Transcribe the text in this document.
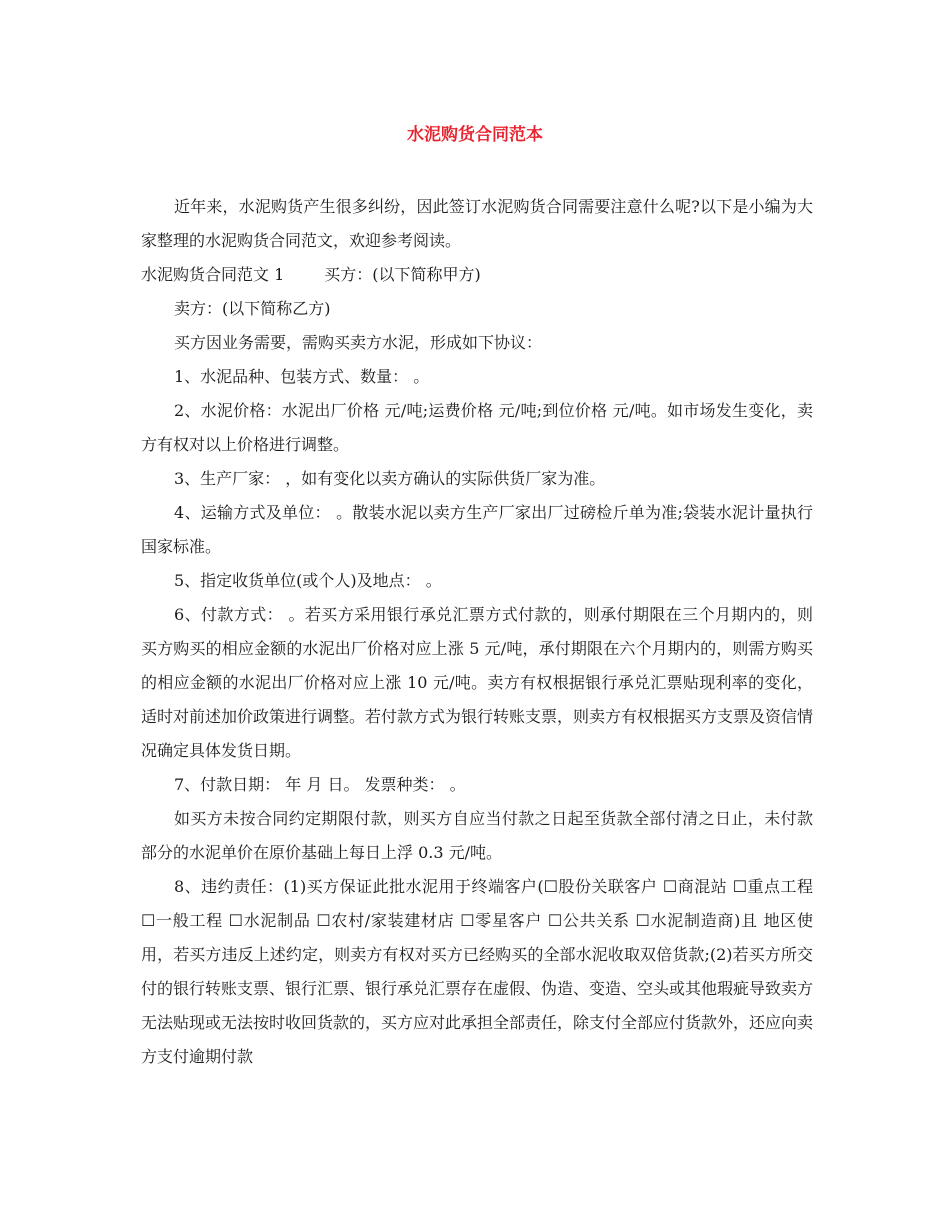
水泥购货合同范本

近年来，水泥购货产生很多纠纷，因此签订水泥购货合同需要注意什么呢?以下是小编为大家整理的水泥购货合同范文，欢迎参考阅读。

水泥购货合同范文 1	买方：(以下简称甲方)

卖方：(以下简称乙方)

买方因业务需要，需购买卖方水泥，形成如下协议：

1、水泥品种、包装方式、数量： 。

2、水泥价格：水泥出厂价格 元/吨;运费价格 元/吨;到位价格 元/吨。如市场发生变化，卖方有权对以上价格进行调整。

3、生产厂家： ，如有变化以卖方确认的实际供货厂家为准。

4、运输方式及单位： 。散装水泥以卖方生产厂家出厂过磅检斤单为准;袋装水泥计量执行国家标准。

5、指定收货单位(或个人)及地点： 。

6、付款方式： 。若买方采用银行承兑汇票方式付款的，则承付期限在三个月期内的，则买方购买的相应金额的水泥出厂价格对应上涨 5 元/吨，承付期限在六个月期内的，则需方购买的相应金额的水泥出厂价格对应上涨 10 元/吨。卖方有权根据银行承兑汇票贴现利率的变化，适时对前述加价政策进行调整。若付款方式为银行转账支票，则卖方有权根据买方支票及资信情况确定具体发货日期。

7、付款日期： 年 月 日。 发票种类： 。

如买方未按合同约定期限付款，则买方自应当付款之日起至货款全部付清之日止，未付款部分的水泥单价在原价基础上每日上浮 0.3 元/吨。

8、违约责任：(1)买方保证此批水泥用于终端客户(☐股份关联客户 ☐商混站 ☐重点工程 ☐一般工程 ☐水泥制品 ☐农村/家装建材店 ☐零星客户 ☐公共关系 ☐水泥制造商)且 地区使用，若买方违反上述约定，则卖方有权对买方已经购买的全部水泥收取双倍货款;(2)若买方所交付的银行转账支票、银行汇票、银行承兑汇票存在虚假、伪造、变造、空头或其他瑕疵导致卖方无法贴现或无法按时收回货款的，买方应对此承担全部责任，除支付全部应付货款外，还应向卖方支付逾期付款
